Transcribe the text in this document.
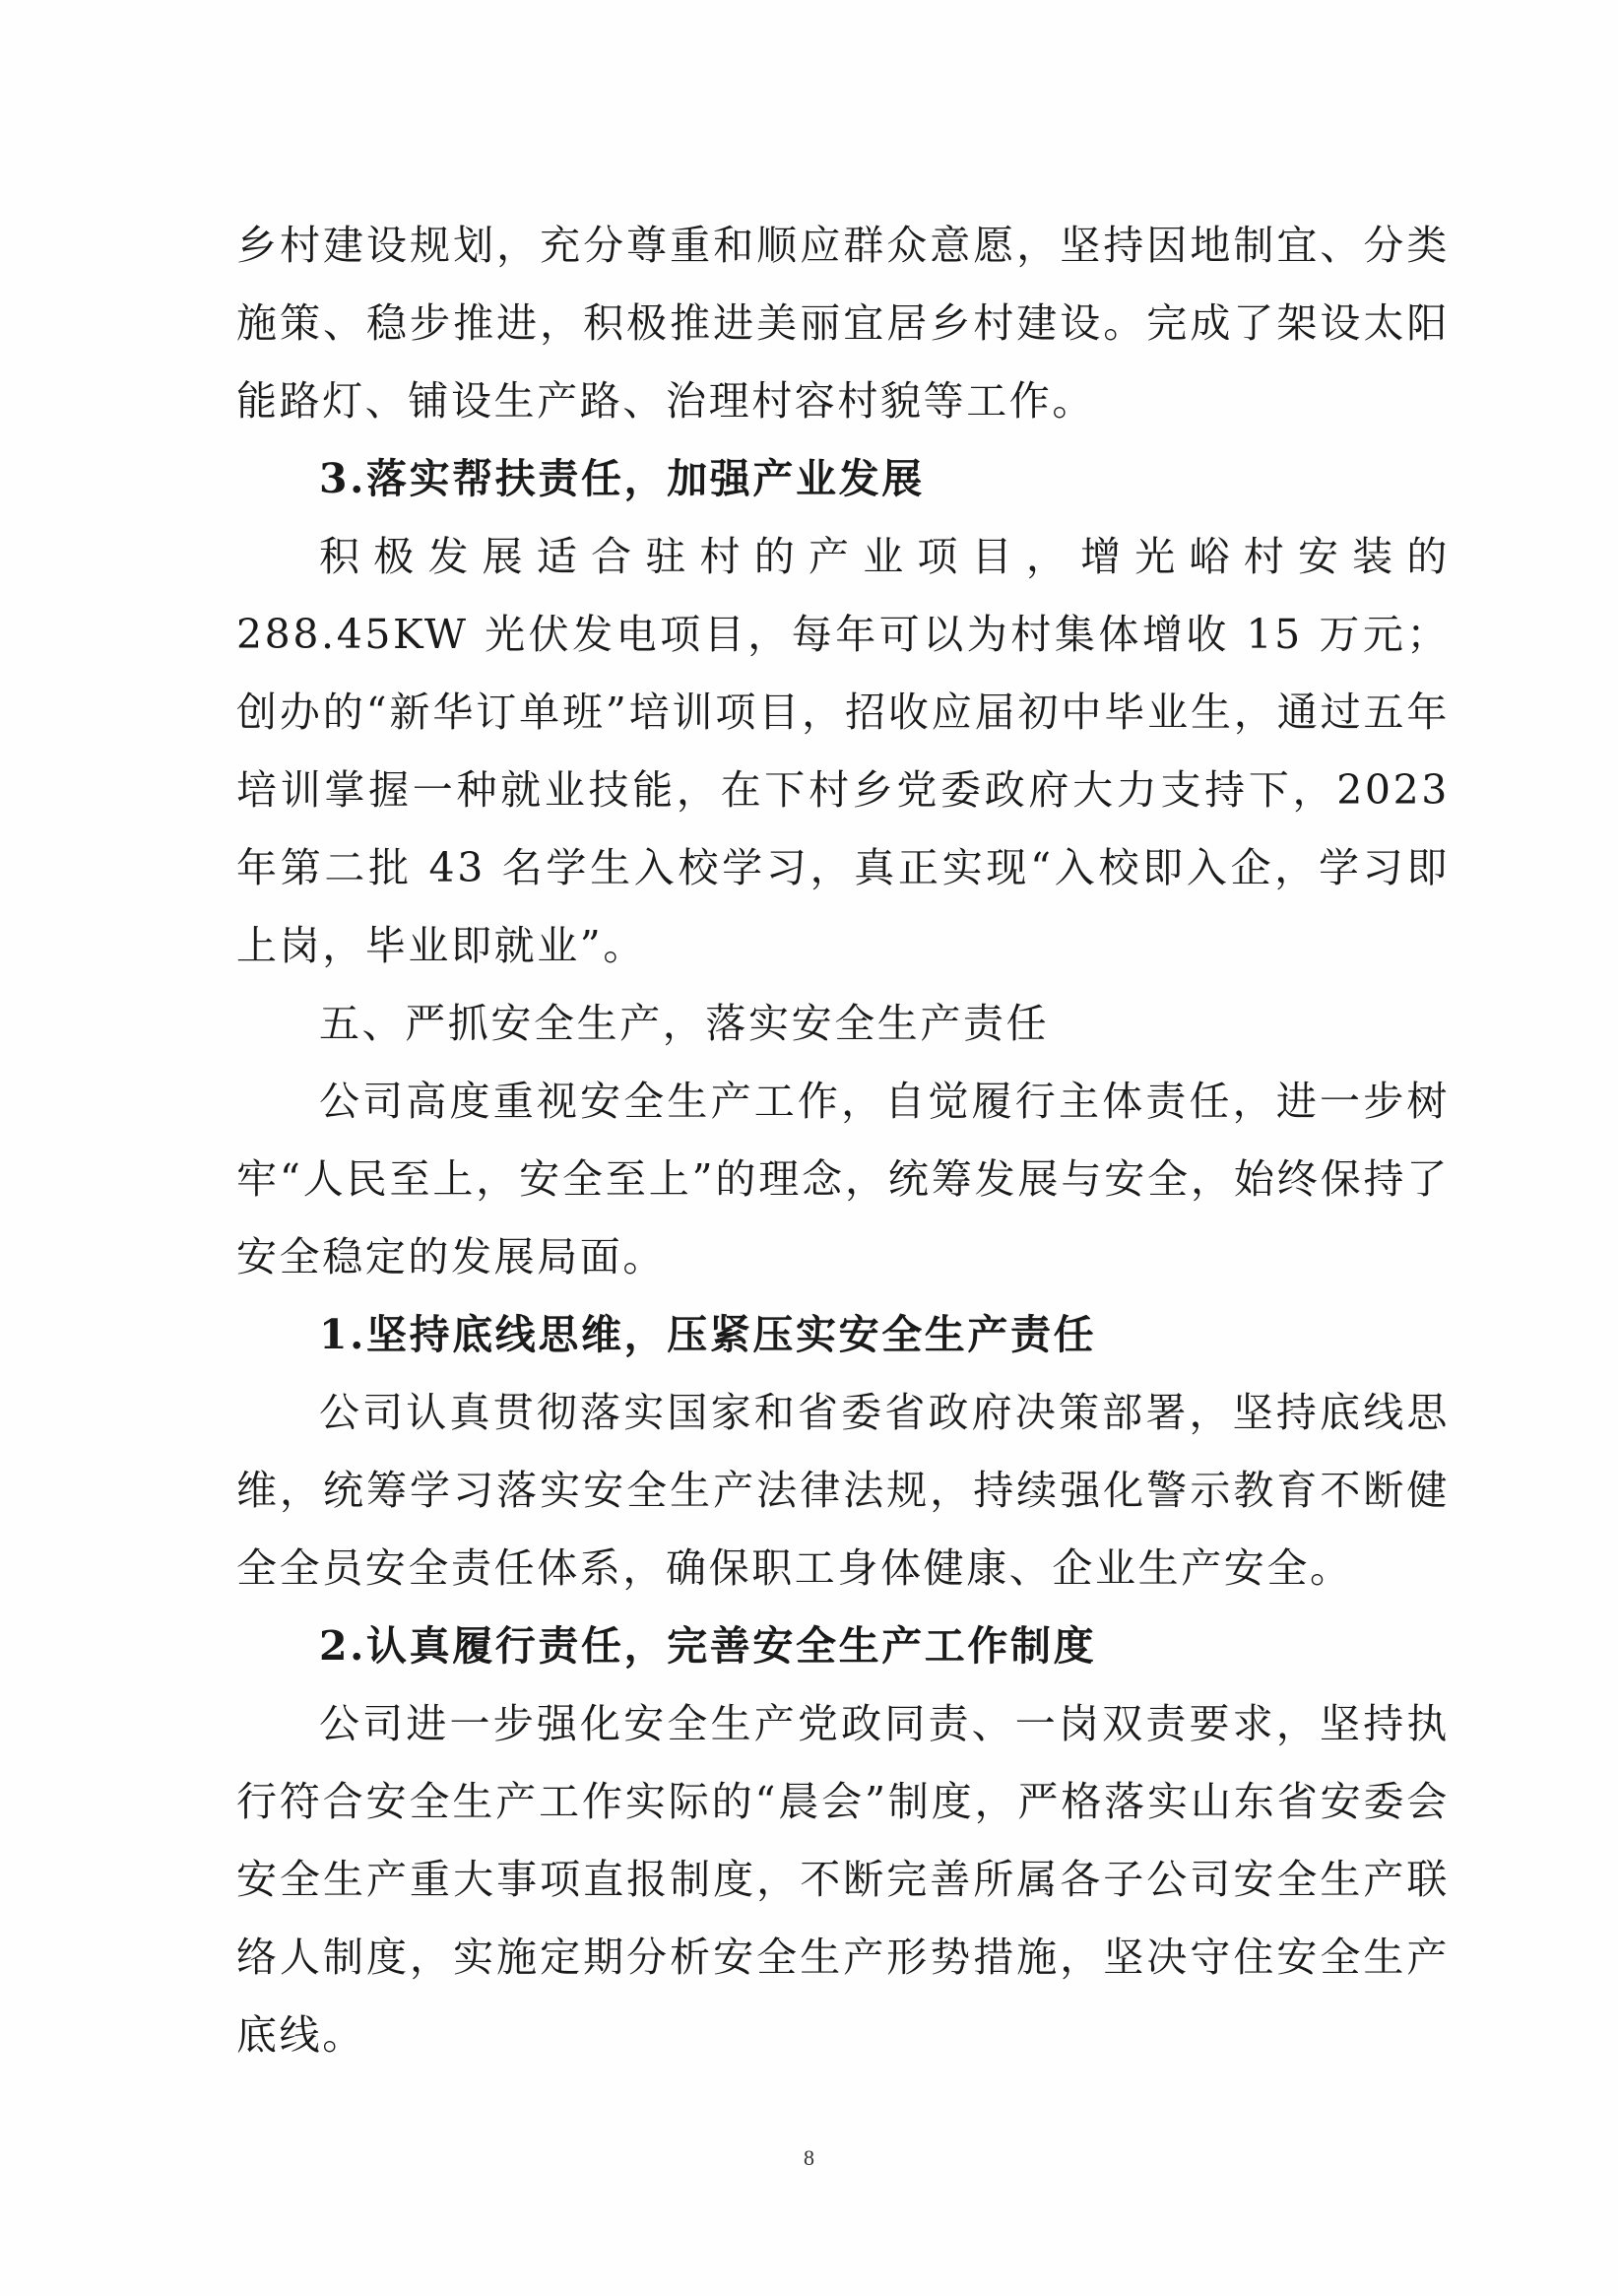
乡村建设规划，充分尊重和顺应群众意愿，坚持因地制宜、分类施策、稳步推进，积极推进美丽宜居乡村建设。完成了架设太阳能路灯、铺设生产路、治理村容村貌等工作。

3.落实帮扶责任，加强产业发展

积极发展适合驻村的产业项目，增光峪村安装的 288.45KW 光伏发电项目，每年可以为村集体增收 15 万元；创办的“新华订单班”培训项目，招收应届初中毕业生，通过五年培训掌握一种就业技能，在下村乡党委政府大力支持下，2023 年第二批 43 名学生入校学习，真正实现“入校即入企，学习即上岗，毕业即就业”。

五、严抓安全生产，落实安全生产责任

公司高度重视安全生产工作，自觉履行主体责任，进一步树牢“人民至上，安全至上”的理念，统筹发展与安全，始终保持了安全稳定的发展局面。

1.坚持底线思维，压紧压实安全生产责任

公司认真贯彻落实国家和省委省政府决策部署，坚持底线思维，统筹学习落实安全生产法律法规，持续强化警示教育不断健全全员安全责任体系，确保职工身体健康、企业生产安全。

2.认真履行责任，完善安全生产工作制度

公司进一步强化安全生产党政同责、一岗双责要求，坚持执行符合安全生产工作实际的“晨会”制度，严格落实山东省安委会安全生产重大事项直报制度，不断完善所属各子公司安全生产联络人制度，实施定期分析安全生产形势措施，坚决守住安全生产底线。

8
